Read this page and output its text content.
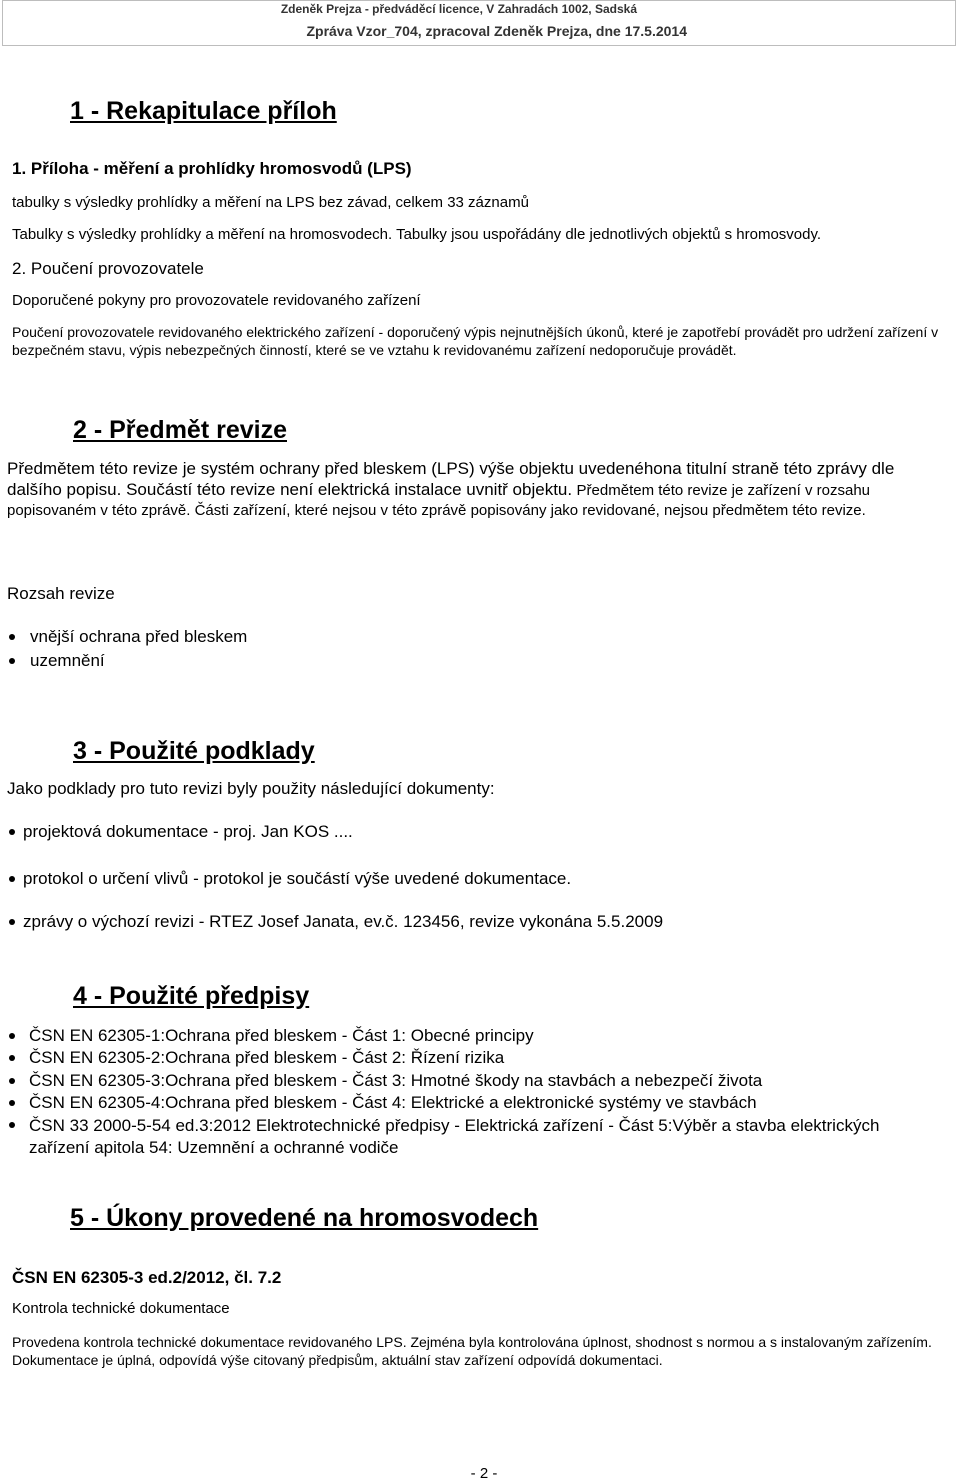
Zdeněk Prejza - předváděcí licence, V Zahradách 1002, Sadská
Zpráva Vzor_704, zpracoval Zdeněk Prejza, dne 17.5.2014
1 - Rekapitulace příloh
1. Příloha - měření a prohlídky hromosvodů (LPS)
tabulky s výsledky prohlídky a měření na LPS bez závad, celkem 33 záznamů
Tabulky s výsledky prohlídky a měření na hromosvodech. Tabulky jsou uspořádány dle jednotlivých objektů s hromosvody.
2. Poučení provozovatele
Doporučené pokyny pro provozovatele revidovaného zařízení
Poučení provozovatele revidovaného elektrického zařízení - doporučený výpis nejnutnějších úkonů, které je zapotřebí provádět pro udržení zařízení v bezpečném stavu, výpis nebezpečných činností, které se ve vztahu k revidovanému zařízení nedoporučuje provádět.
2 - Předmět revize
Předmětem této revize je systém ochrany před bleskem (LPS) výše objektu uvedenéhona titulní straně této zprávy dle dalšího popisu. Součástí této revize není elektrická instalace uvnitř objektu. Předmětem této revize je zařízení v rozsahu popisovaném v této zprávě. Části zařízení, které nejsou v této zprávě popisovány jako revidované, nejsou předmětem této revize.
Rozsah revize
vnější ochrana před bleskem
uzemnění
3 - Použité podklady
Jako podklady pro tuto revizi byly použity následující dokumenty:
projektová dokumentace - proj. Jan KOS ....
protokol o určení vlivů - protokol je součástí výše uvedené dokumentace.
zprávy o výchozí revizi - RTEZ Josef Janata, ev.č. 123456, revize vykonána 5.5.2009
4 - Použité předpisy
ČSN EN 62305-1:Ochrana před bleskem - Část 1: Obecné principy
ČSN EN 62305-2:Ochrana před bleskem - Část 2: Řízení rizika
ČSN EN 62305-3:Ochrana před bleskem - Část 3: Hmotné škody na stavbách a nebezpečí života
ČSN EN 62305-4:Ochrana před bleskem - Část 4: Elektrické a elektronické systémy ve stavbách
ČSN 33 2000-5-54 ed.3:2012 Elektrotechnické předpisy - Elektrická zařízení - Část 5:Výběr a stavba elektrických zařízení apitola 54: Uzemnění a ochranné vodiče
5 - Úkony provedené na hromosvodech
ČSN EN 62305-3 ed.2/2012, čl. 7.2
Kontrola technické dokumentace
Provedena kontrola technické dokumentace revidovaného LPS. Zejména byla kontrolována úplnost, shodnost s normou a s instalovaným zařízením. Dokumentace je úplná, odpovídá výše citovaný předpisům, aktuální stav zařízení odpovídá dokumentaci.
- 2 -
